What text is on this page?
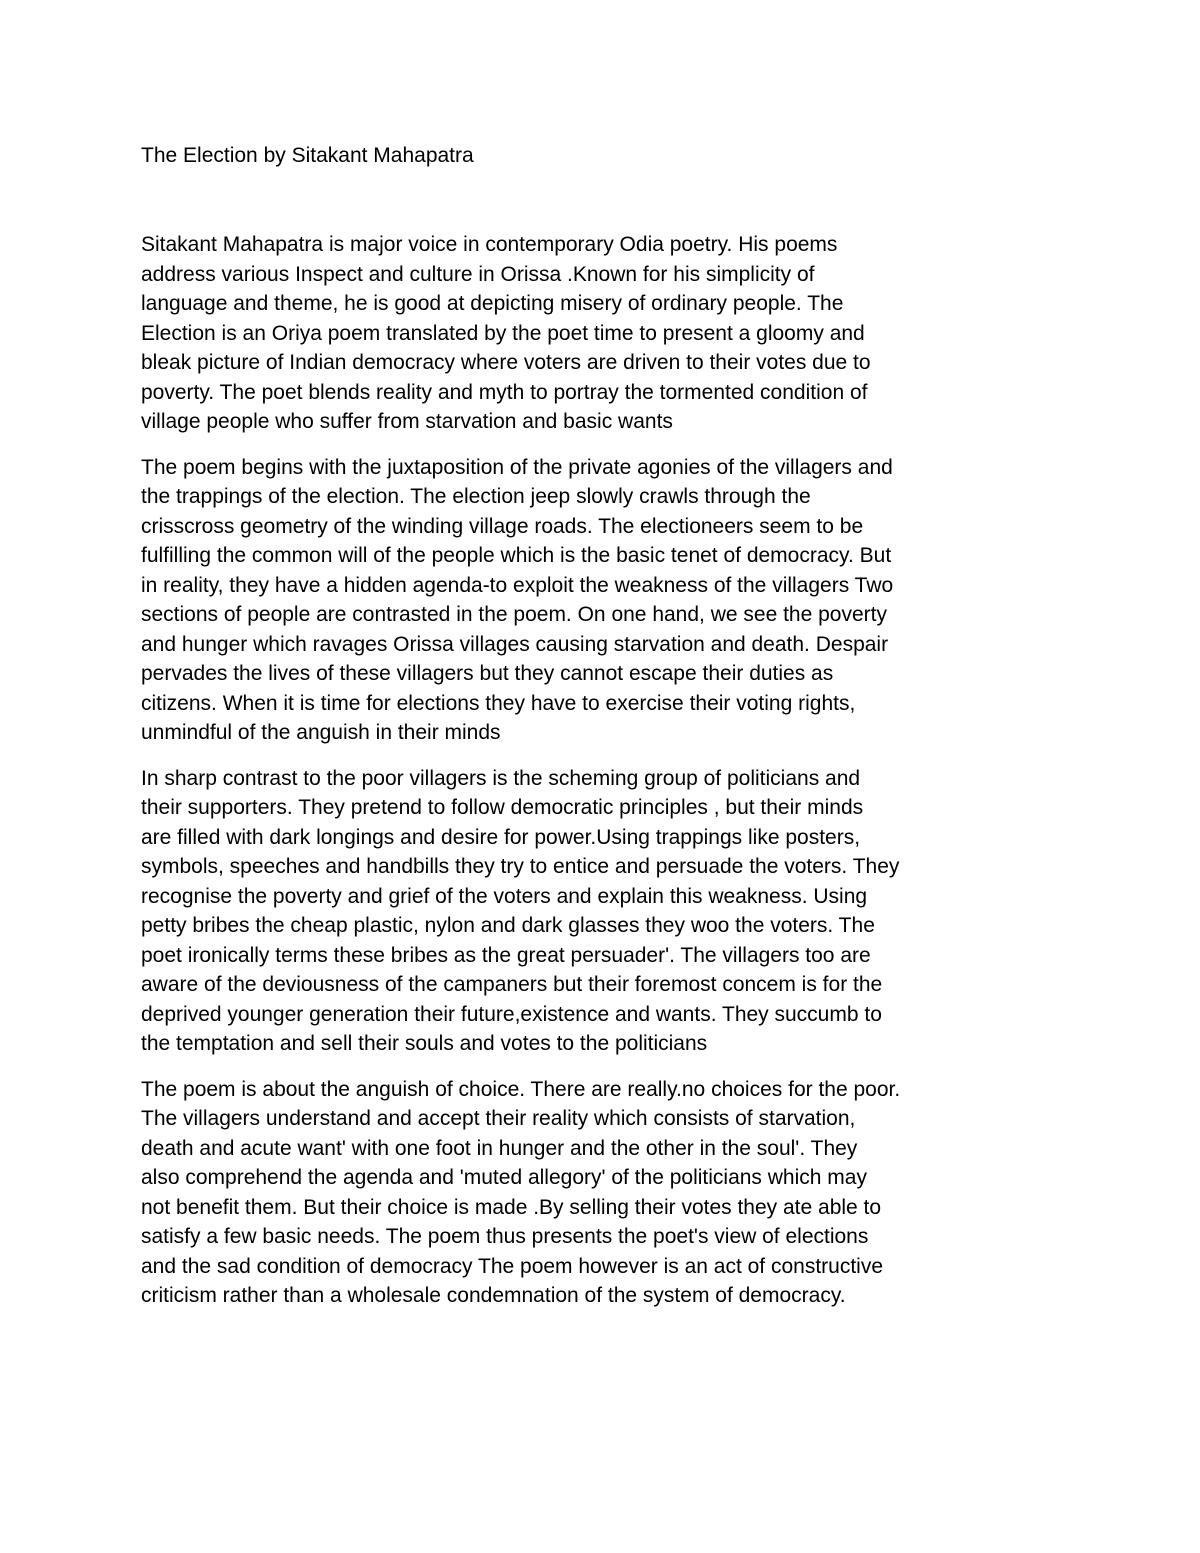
The Election by Sitakant Mahapatra

Sitakant Mahapatra is major voice in contemporary Odia poetry. His poems
address various Inspect and culture in Orissa .Known for his simplicity of
language and theme, he is good at depicting misery of ordinary people. The
Election is an Oriya poem translated by the poet time to present a gloomy and
bleak picture of Indian democracy where voters are driven to their votes due to
poverty. The poet blends reality and myth to portray the tormented condition of
village people who suffer from starvation and basic wants

The poem begins with the juxtaposition of the private agonies of the villagers and
the trappings of the election. The election jeep slowly crawls through the
crisscross geometry of the winding village roads. The electioneers seem to be
fulfilling the common will of the people which is the basic tenet of democracy. But
in reality, they have a hidden agenda-to exploit the weakness of the villagers Two
sections of people are contrasted in the poem. On one hand, we see the poverty
and hunger which ravages Orissa villages causing starvation and death. Despair
pervades the lives of these villagers but they cannot escape their duties as
citizens. When it is time for elections they have to exercise their voting rights,
unmindful of the anguish in their minds

In sharp contrast to the poor villagers is the scheming group of politicians and
their supporters. They pretend to follow democratic principles , but their minds
are filled with dark longings and desire for power.Using trappings like posters,
symbols, speeches and handbills they try to entice and persuade the voters. They
recognise the poverty and grief of the voters and explain this weakness. Using
petty bribes the cheap plastic, nylon and dark glasses they woo the voters. The
poet ironically terms these bribes as the great persuader'. The villagers too are
aware of the deviousness of the campaners but their foremost concem is for the
deprived younger generation their future,existence and wants. They succumb to
the temptation and sell their souls and votes to the politicians

The poem is about the anguish of choice. There are really.no choices for the poor.
The villagers understand and accept their reality which consists of starvation,
death and acute want' with one foot in hunger and the other in the soul'. They
also comprehend the agenda and 'muted allegory' of the politicians which may
not benefit them. But their choice is made .By selling their votes they ate able to
satisfy a few basic needs. The poem thus presents the poet's view of elections
and the sad condition of democracy The poem however is an act of constructive
criticism rather than a wholesale condemnation of the system of democracy.
